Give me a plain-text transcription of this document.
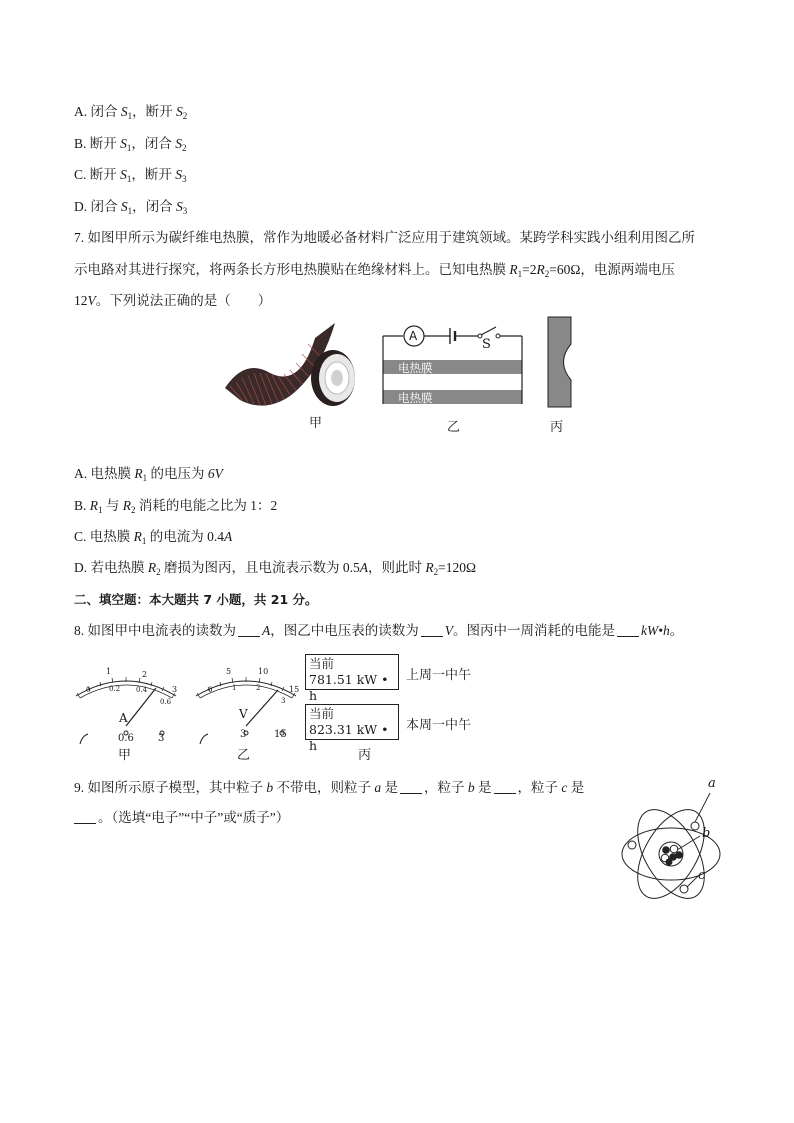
A. 闭合 $S_1$，断开 $S_2$
B. 断开 $S_1$，闭合 $S_2$
C. 断开 $S_1$，断开 $S_3$
D. 闭合 $S_1$，闭合 $S_3$
7. 如图甲所示为碳纤维电热膜，常作为地暖必备材料广泛应用于建筑领域。某跨学科实践小组利用图乙所
示电路对其进行探究，将两条长方形电热膜贴在绝缘材料上。已知电热膜 $R_1=2R_2=60\Omega$，电源两端电压
12V。下列说法正确的是（　　）
甲
A
S
电热膜
电热膜
乙	丙
A. 电热膜 $R_1$ 的电压为 6V
B. $R_1$ 与 $R_2$ 消耗的电能之比为 1：2
C. 电热膜 $R_1$ 的电流为 0.4A
D. 若电热膜 $R_2$ 磨损为图丙，且电流表示数为 0.5A，则此时 $R_2=120\Omega$
二、填空题：本大题共 7 小题，共 21 分。
8. 如图甲中电流表的读数为 A，图乙中电压表的读数为 V。图丙中一周消耗的电能是 kW•h。
1	2
3
0	0.2 0.4
0.6
A
0.6 3
甲
5	10
15
0	1	2
3
V
3	15
乙
当前
781.51 kW • h
上周一中午
当前
823.31 kW • h
本周一中午
丙
9. 如图所示原子模型，其中粒子 b 不带电，则粒子 a 是 ，粒子 b 是 ，粒子 c 是
。（选填“电子”“中子”或“质子”）
a
b
c
